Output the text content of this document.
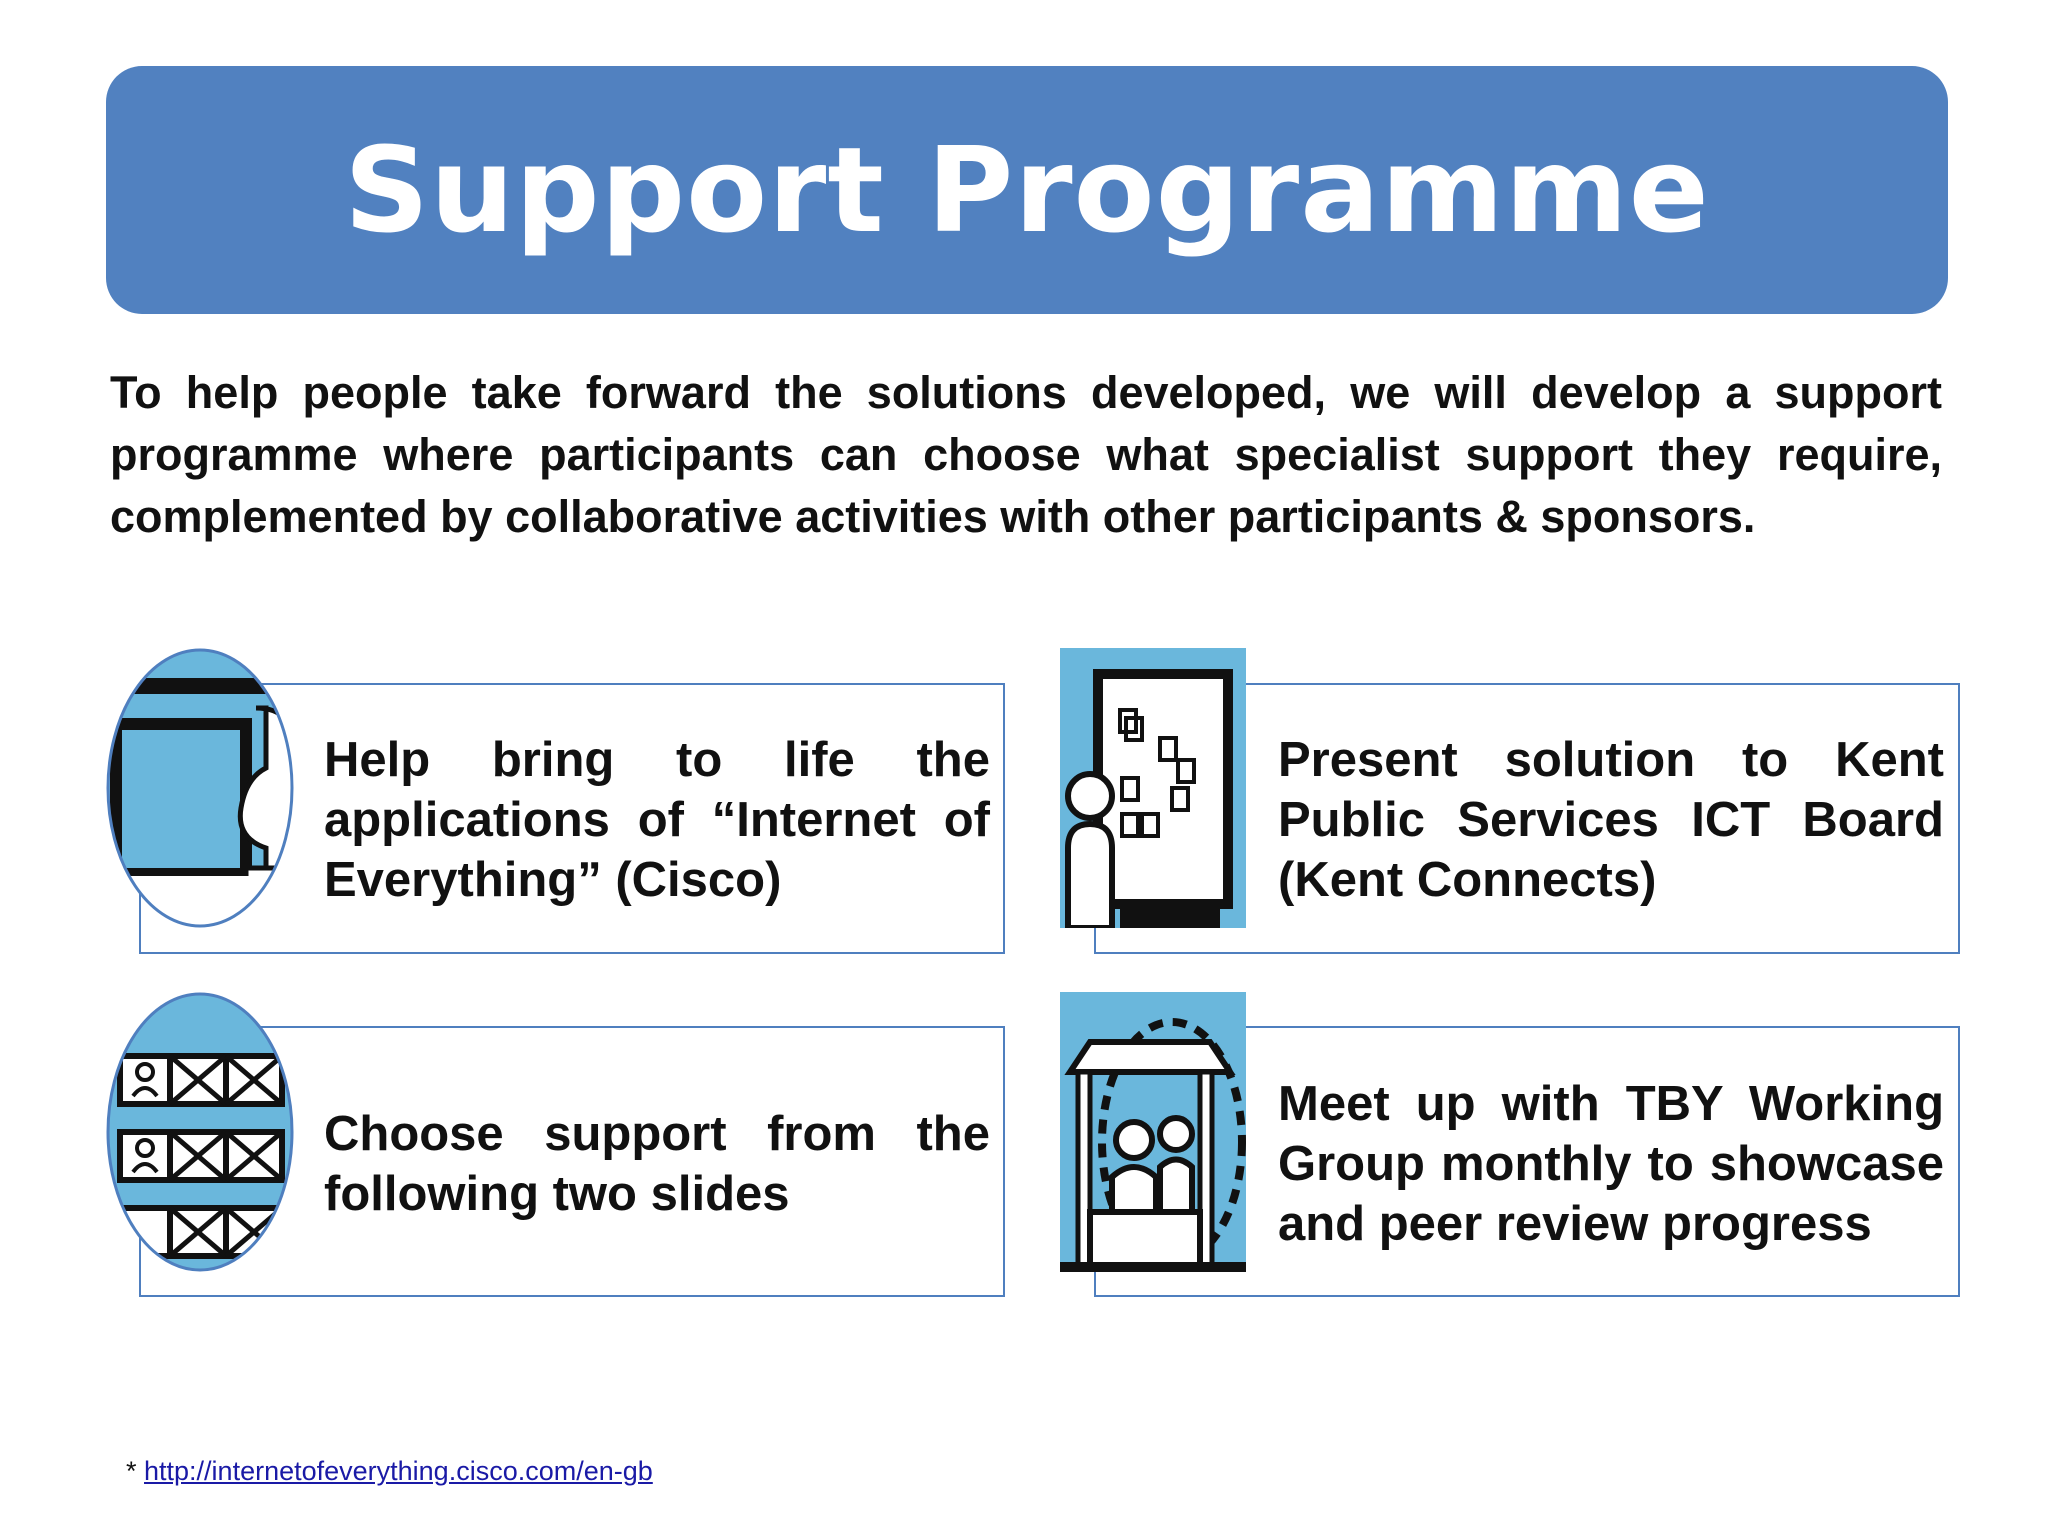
Support Programme
To help people take forward the solutions developed, we will develop a support programme where participants can choose what specialist support they require, complemented by collaborative activities with other participants & sponsors.
Help bring to life the applications of “Internet of Everything” (Cisco)
Present solution to Kent Public Services ICT Board (Kent Connects)
Choose support from the following two slides
Meet up with TBY Working Group monthly to showcase and peer review progress
* http://internetofeverything.cisco.com/en-gb
